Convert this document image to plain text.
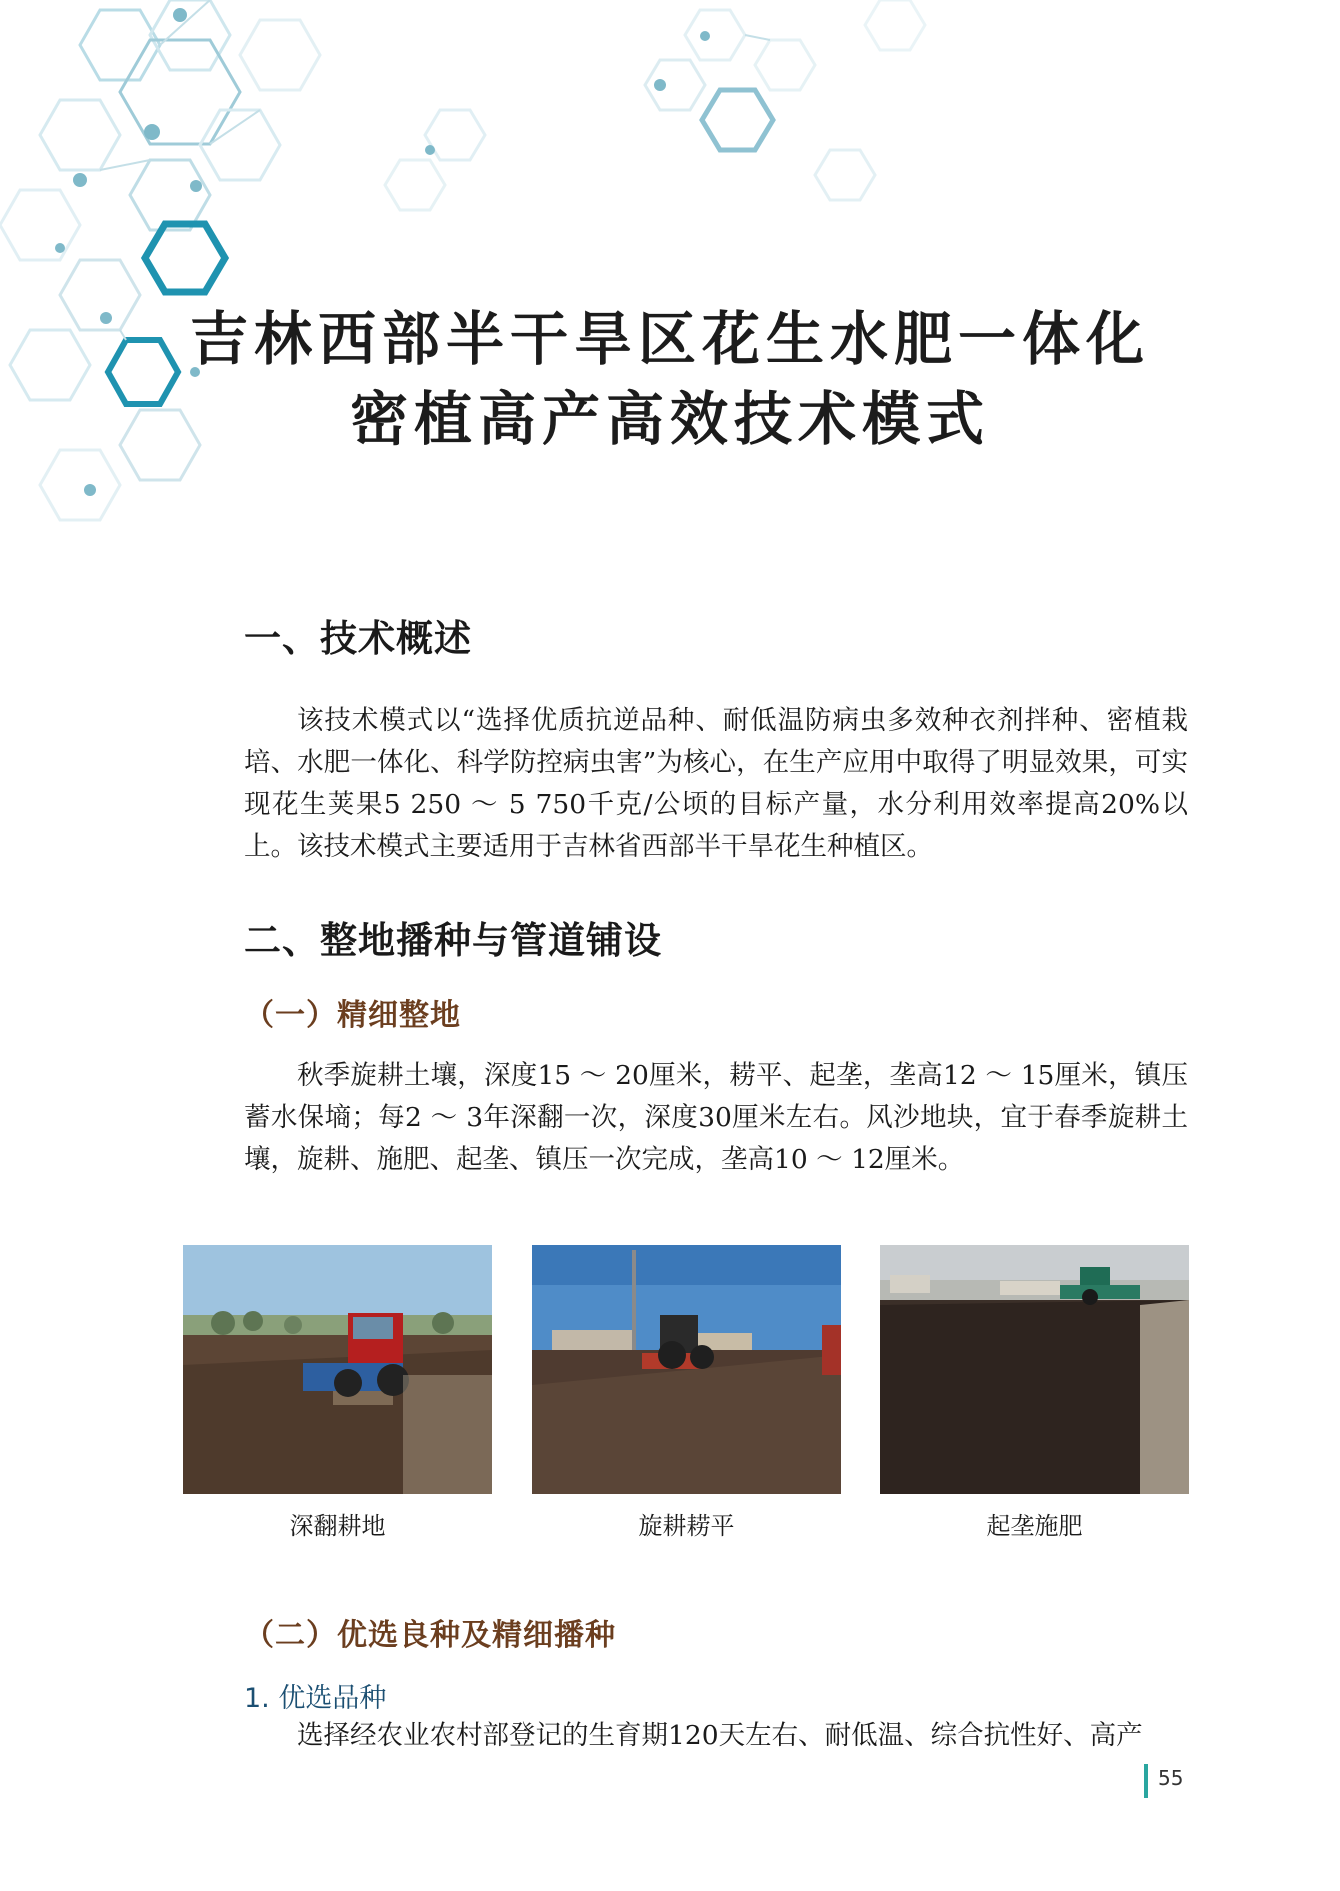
吉林西部半干旱区花生水肥一体化
密植高产高效技术模式
一、技术概述

该技术模式以“选择优质抗逆品种、耐低温防病虫多效种衣剂拌种、密植栽培、水肥一体化、科学防控病虫害”为核心，在生产应用中取得了明显效果，可实现花生荚果5 250 ～ 5 750千克/公顷的目标产量，水分利用效率提高20%以上。该技术模式主要适用于吉林省西部半干旱花生种植区。

二、整地播种与管道铺设
（一）精细整地

秋季旋耕土壤，深度15 ～ 20厘米，耢平、起垄，垄高12 ～ 15厘米，镇压蓄水保墒；每2 ～ 3年深翻一次，深度30厘米左右。风沙地块，宜于春季旋耕土壤，旋耕、施肥、起垄、镇压一次完成，垄高10 ～ 12厘米。

深翻耕地	旋耕耢平	起垄施肥
（二）优选良种及精细播种
1. 优选品种

选择经农业农村部登记的生育期120天左右、耐低温、综合抗性好、高产

55
